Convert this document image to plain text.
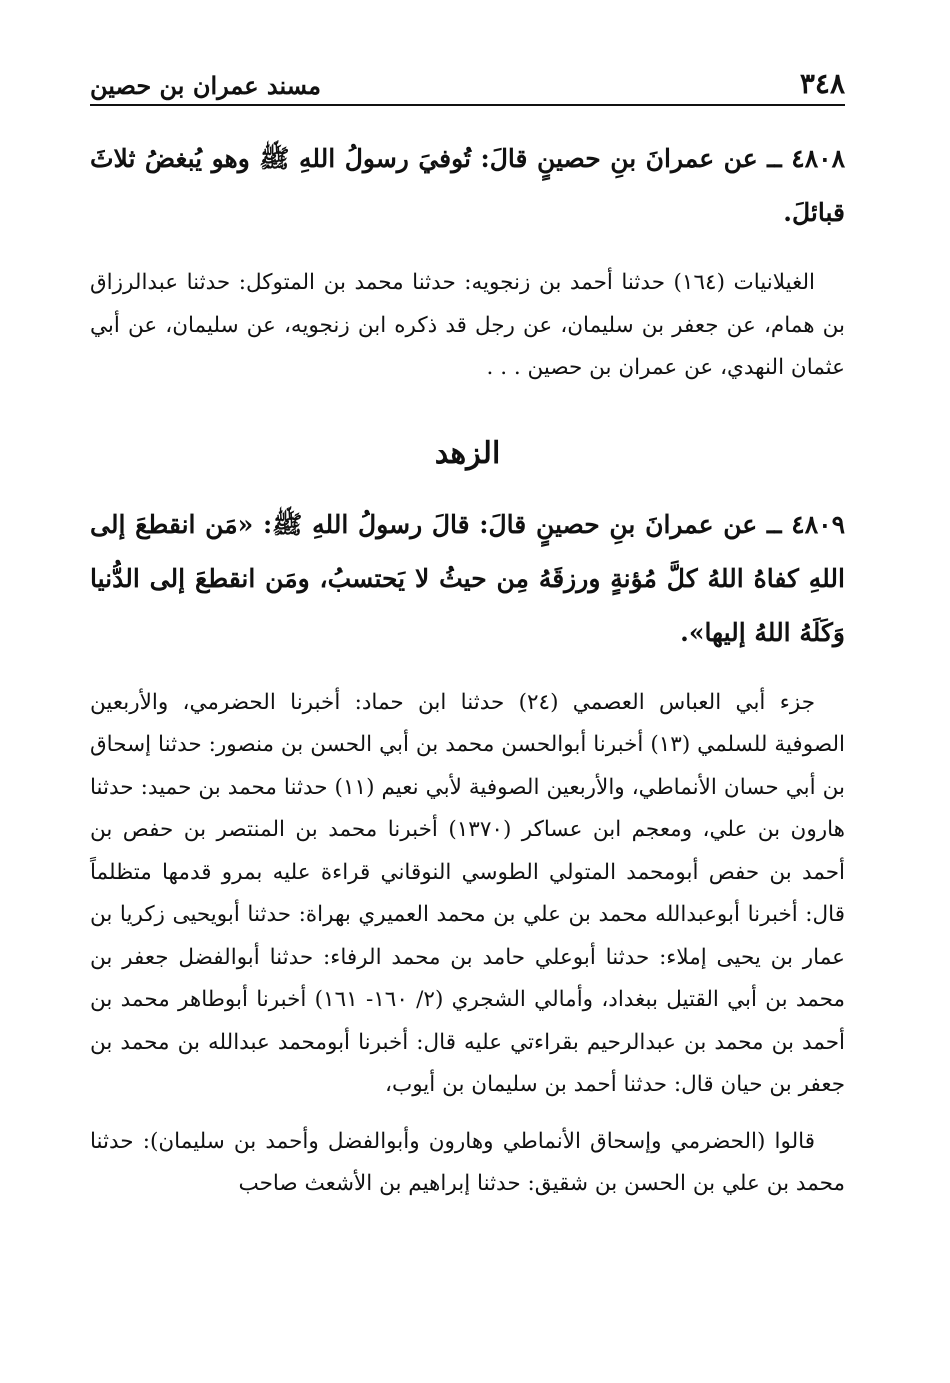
٣٤٨
مسند عمران بن حصين

٤٨٠٨ ــ عن عمرانَ بنِ حصينٍ قالَ: تُوفيَ رسولُ اللهِ ﷺ وهو يُبغضُ ثلاثَ قبائلَ.

الغيلانيات (١٦٤) حدثنا أحمد بن زنجويه: حدثنا محمد بن المتوكل: حدثنا عبدالرزاق بن همام، عن جعفر بن سليمان، عن رجل قد ذكره ابن زنجويه، عن سليمان، عن أبي عثمان النهدي، عن عمران بن حصين . . .

الزهد

٤٨٠٩ ــ عن عمرانَ بنِ حصينٍ قالَ: قالَ رسولُ اللهِ ﷺ: «مَن انقطعَ إلى اللهِ كفاهُ اللهُ كلَّ مُؤنةٍ ورزقَهُ مِن حيثُ لا يَحتسبُ، ومَن انقطعَ إلى الدُّنيا وَكَلَهُ اللهُ إليها».

جزء أبي العباس العصمي (٢٤) حدثنا ابن حماد: أخبرنا الحضرمي، والأربعين الصوفية للسلمي (١٣) أخبرنا أبوالحسن محمد بن أبي الحسن بن منصور: حدثنا إسحاق بن أبي حسان الأنماطي، والأربعين الصوفية لأبي نعيم (١١) حدثنا محمد بن حميد: حدثنا هارون بن علي، ومعجم ابن عساكر (١٣٧٠) أخبرنا محمد بن المنتصر بن حفص بن أحمد بن حفص أبومحمد المتولي الطوسي النوقاني قراءة عليه بمرو قدمها متظلماً قال: أخبرنا أبوعبدالله محمد بن علي بن محمد العميري بهراة: حدثنا أبويحيى زكريا بن عمار بن يحيى إملاء: حدثنا أبوعلي حامد بن محمد الرفاء: حدثنا أبوالفضل جعفر بن محمد بن أبي القتيل ببغداد، وأمالي الشجري (٢/ ١٦٠- ١٦١) أخبرنا أبوطاهر محمد بن أحمد بن محمد بن عبدالرحيم بقراءتي عليه قال: أخبرنا أبومحمد عبدالله بن محمد بن جعفر بن حيان قال: حدثنا أحمد بن سليمان بن أيوب،

قالوا (الحضرمي وإسحاق الأنماطي وهارون وأبوالفضل وأحمد بن سليمان): حدثنا محمد بن علي بن الحسن بن شقيق: حدثنا إبراهيم بن الأشعث صاحب
